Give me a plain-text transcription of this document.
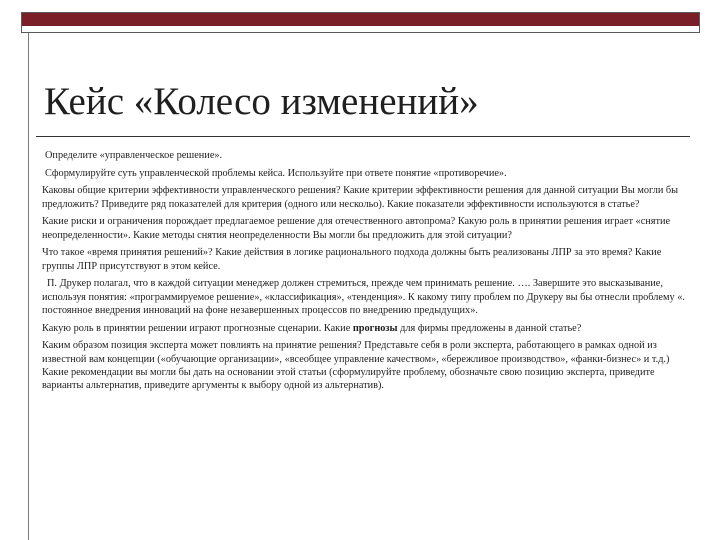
Кейс «Колесо изменений»

Определите «управленческое решение».

Сформулируйте суть управленческой проблемы кейса. Используйте при ответе понятие «противоречие».

Каковы общие критерии эффективности управленческого решения? Какие критерии эффективности решения для данной ситуации Вы могли бы предложить? Приведите ряд показателей для критерия (одного или нескольо). Какие показатели эффективности используются в статье?

Какие риски и ограничения порождает предлагаемое решение для отечественного автопрома? Какую роль в принятии решения играет «снятие неопределенности». Какие методы снятия неопределенности Вы могли бы предложить для этой ситуации?

Что такое «время принятия решений»? Какие действия в логике рационального подхода должны быть реализованы ЛПР за это время? Какие группы ЛПР присутствуют в этом кейсе.

П. Друкер полагал, что в каждой ситуации менеджер должен стремиться, прежде чем принимать решение. …. Завершите это высказывание, используя понятия: «программируемое решение», «классификация», «тенденция». К какому типу проблем по Друкеру вы бы отнесли проблему «. постоянное внедрения инноваций на фоне незавершенных процессов по внедрению предыдущих».

Какую роль в принятии решении играют прогнозные сценарии. Какие прогнозы для фирмы предложены в данной статье?

Каким образом позиция эксперта может повлиять на принятие решения? Представьте себя в роли эксперта, работающего в рамках одной из известной вам концепции («обучающие организации», «всеобщее управление качеством», «бережливое производство», «фанки-бизнес» и т.д.) Какие рекомендации вы могли бы дать на основании этой статьи (сформулируйте проблему, обозначьте свою позицию эксперта, приведите варианты альтернатив, приведите аргументы к выбору одной из альтернатив).
